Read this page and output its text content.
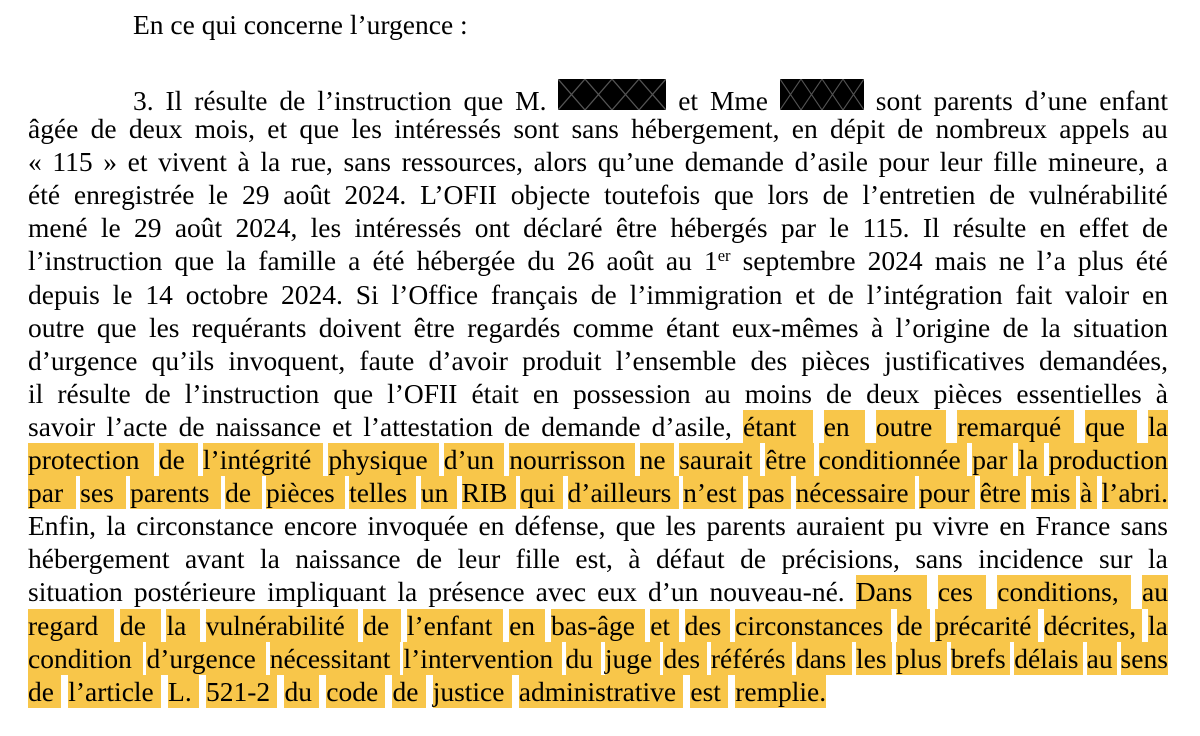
En ce qui concerne l’urgence :
3. Il résulte de l’instruction que M.	et Mme	sont parents d’une enfant
âgée de deux mois, et que les intéressés sont sans hébergement, en dépit de nombreux appels au
« 115 » et vivent à la rue, sans ressources, alors qu’une demande d’asile pour leur fille mineure, a
été enregistrée le 29 août 2024. L’OFII objecte toutefois que lors de l’entretien de vulnérabilité
mené le 29 août 2024, les intéressés ont déclaré être hébergés par le 115. Il résulte en effet de
l’instruction que la famille a été hébergée du 26 août au 1er septembre 2024 mais ne l’a plus été
depuis le 14 octobre 2024. Si l’Office français de l’immigration et de l’intégration fait valoir en
outre que les requérants doivent être regardés comme étant eux-mêmes à l’origine de la situation
d’urgence qu’ils invoquent, faute d’avoir produit l’ensemble des pièces justificatives demandées,
il résulte de l’instruction que l’OFII était en possession au moins de deux pièces essentielles à
savoir l’acte de naissance et l’attestation de demande d’asile, étant en outre remarqué que la
protection de l’intégrité physique d’un nourrisson ne saurait être conditionnée par la production
par ses parents de pièces telles un RIB qui d’ailleurs n’est pas nécessaire pour être mis à l’abri.
Enfin, la circonstance encore invoquée en défense, que les parents auraient pu vivre en France sans
hébergement avant la naissance de leur fille est, à défaut de précisions, sans incidence sur la
situation postérieure impliquant la présence avec eux d’un nouveau-né. Dans ces conditions, au
regard de la vulnérabilité de l’enfant en bas-âge et des circonstances de précarité décrites, la
condition d’urgence nécessitant l’intervention du juge des référés dans les plus brefs délais au sens
de l’article L. 521-2 du code de justice administrative est remplie.
